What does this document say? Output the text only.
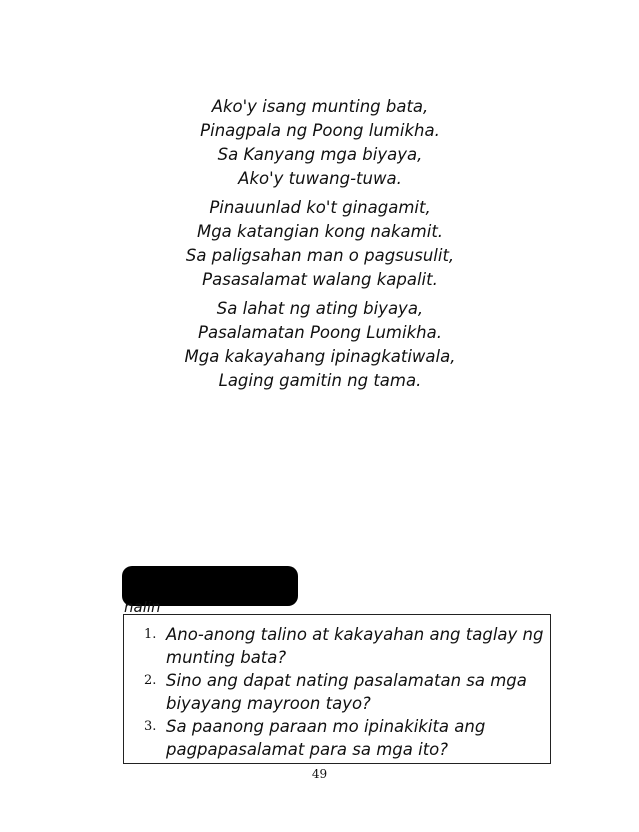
Ako'y isang munting bata,
Pinagpala ng Poong lumikha.
Sa Kanyang mga biyaya,
Ako'y tuwang-tuwa.
Pinauunlad ko't ginagamit,
Mga katangian kong nakamit.
Sa paligsahan man o pagsusulit,
Pasasalamat walang kapalit.
Sa lahat ng ating biyaya,
Pasalamatan Poong Lumikha.
Mga kakayahang ipinagkatiwala,
Laging gamitin ng tama.
nalin
1. Ano-anong talino at kakayahan ang taglay ng munting bata?
2. Sino ang dapat nating pasalamatan sa mga biyayang mayroon tayo?
3. Sa paanong paraan mo ipinakikita ang pagpapasalamat para sa mga ito?
49
